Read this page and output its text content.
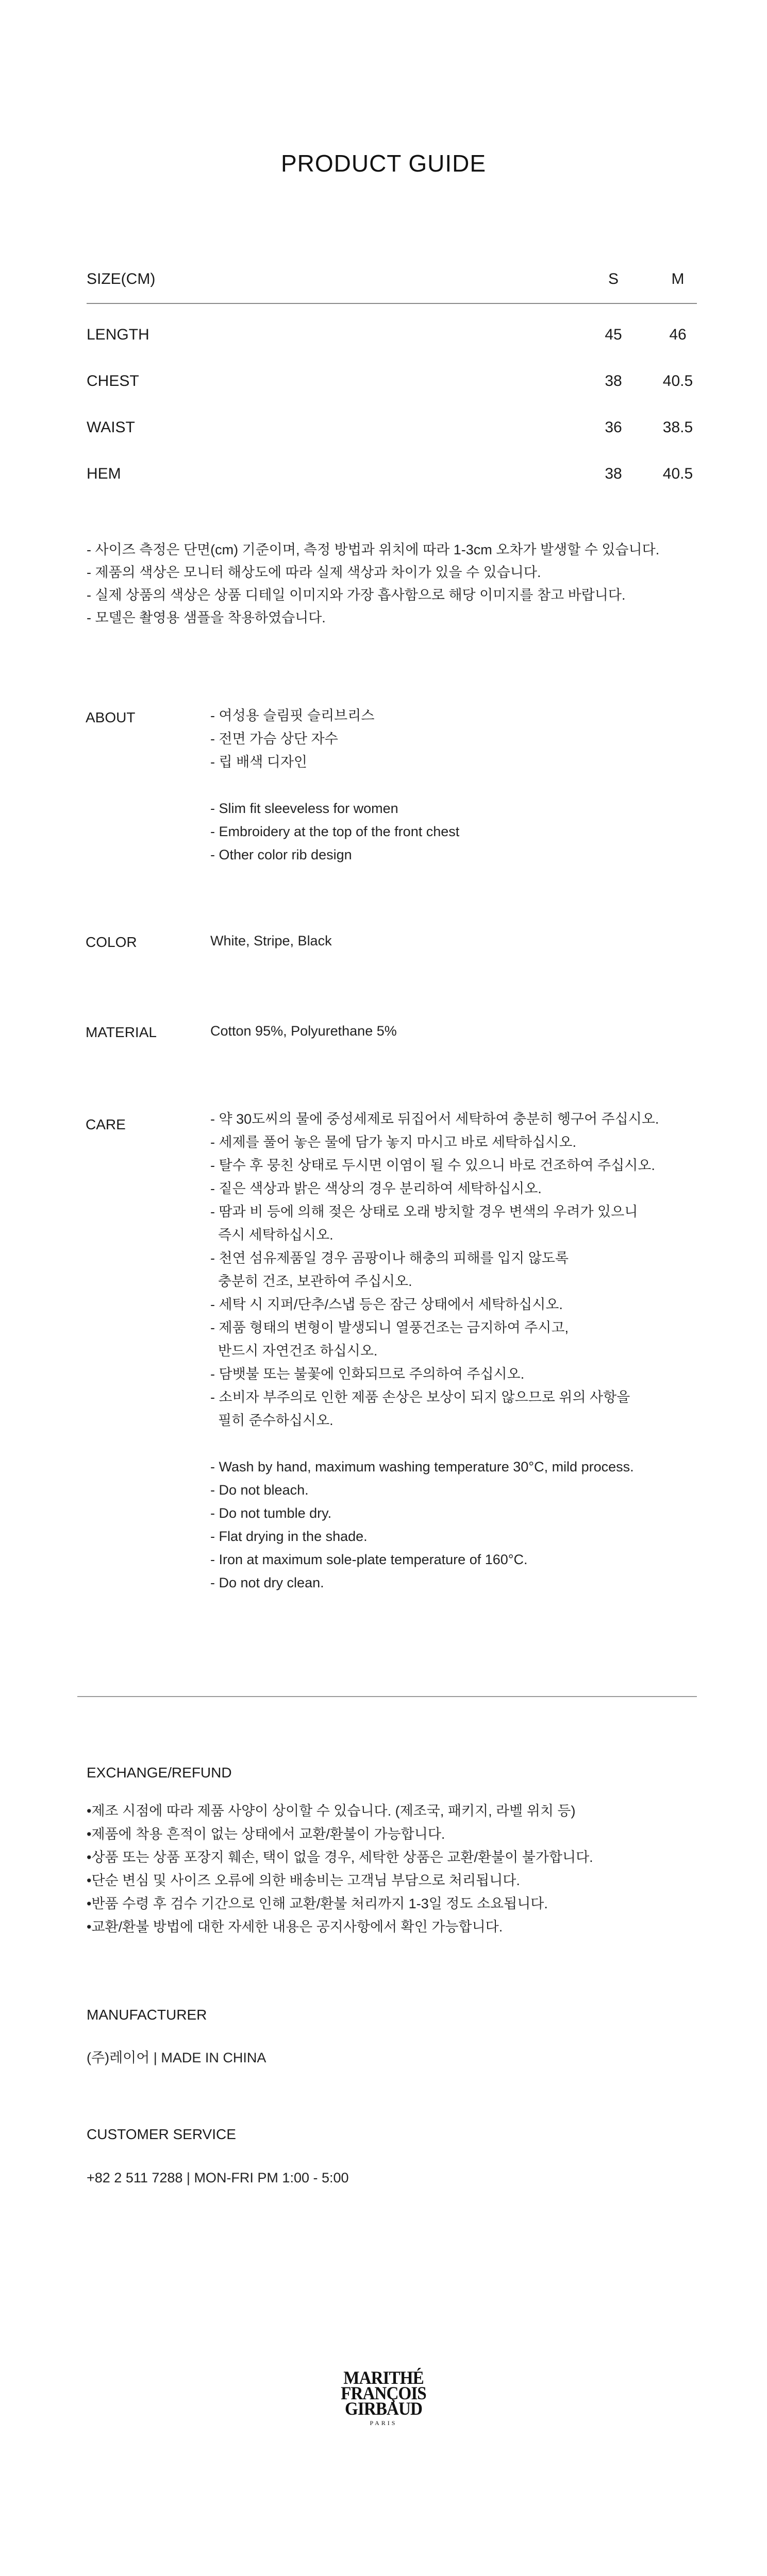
PRODUCT GUIDE
SIZE(CM)	S	M
LENGTH	45	46
CHEST	38	40.5
WAIST	36	38.5
HEM	38	40.5
- 사이즈 측정은 단면(cm) 기준이며, 측정 방법과 위치에 따라 1-3cm 오차가 발생할 수 있습니다.
- 제품의 색상은 모니터 해상도에 따라 실제 색상과 차이가 있을 수 있습니다.
- 실제 상품의 색상은 상품 디테일 이미지와 가장 흡사함으로 해당 이미지를 참고 바랍니다.
- 모델은 촬영용 샘플을 착용하였습니다.
ABOUT	- 여성용 슬림핏 슬리브리스
- 전면 가슴 상단 자수
- 립 배색 디자인
- Slim fit sleeveless for women
- Embroidery at the top of the front chest
- Other color rib design
COLOR	White, Stripe, Black
MATERIAL	Cotton 95%, Polyurethane 5%
CARE	- 약 30도씨의 물에 중성세제로 뒤집어서 세탁하여 충분히 헹구어 주십시오.
- 세제를 풀어 놓은 물에 담가 놓지 마시고 바로 세탁하십시오.
- 탈수 후 뭉친 상태로 두시면 이염이 될 수 있으니 바로 건조하여 주십시오.
- 짙은 색상과 밝은 색상의 경우 분리하여 세탁하십시오.
- 땀과 비 등에 의해 젖은 상태로 오래 방치할 경우 변색의 우려가 있으니
즉시 세탁하십시오.
- 천연 섬유제품일 경우 곰팡이나 해충의 피해를 입지 않도록
충분히 건조, 보관하여 주십시오.
- 세탁 시 지퍼/단추/스냅 등은 잠근 상태에서 세탁하십시오.
- 제품 형태의 변형이 발생되니 열풍건조는 금지하여 주시고,
반드시 자연건조 하십시오.
- 담뱃불 또는 불꽃에 인화되므로 주의하여 주십시오.
- 소비자 부주의로 인한 제품 손상은 보상이 되지 않으므로 위의 사항을
필히 준수하십시오.
- Wash by hand, maximum washing temperature 30°C, mild process.
- Do not bleach.
- Do not tumble dry.
- Flat drying in the shade.
- Iron at maximum sole-plate temperature of 160°C.
- Do not dry clean.
EXCHANGE/REFUND
•제조 시점에 따라 제품 사양이 상이할 수 있습니다. (제조국, 패키지, 라벨 위치 등)
•제품에 착용 흔적이 없는 상태에서 교환/환불이 가능합니다.
•상품 또는 상품 포장지 훼손, 택이 없을 경우, 세탁한 상품은 교환/환불이 불가합니다.
•단순 변심 및 사이즈 오류에 의한 배송비는 고객님 부담으로 처리됩니다.
•반품 수령 후 검수 기간으로 인해 교환/환불 처리까지 1-3일 정도 소요됩니다.
•교환/환불 방법에 대한 자세한 내용은 공지사항에서 확인 가능합니다.
MANUFACTURER
(주)레이어 | MADE IN CHINA
CUSTOMER SERVICE
+82 2 511 7288 | MON-FRI PM 1:00 - 5:00
MARITHÉ
FRANÇOIS
GIRBAUD
PARIS
